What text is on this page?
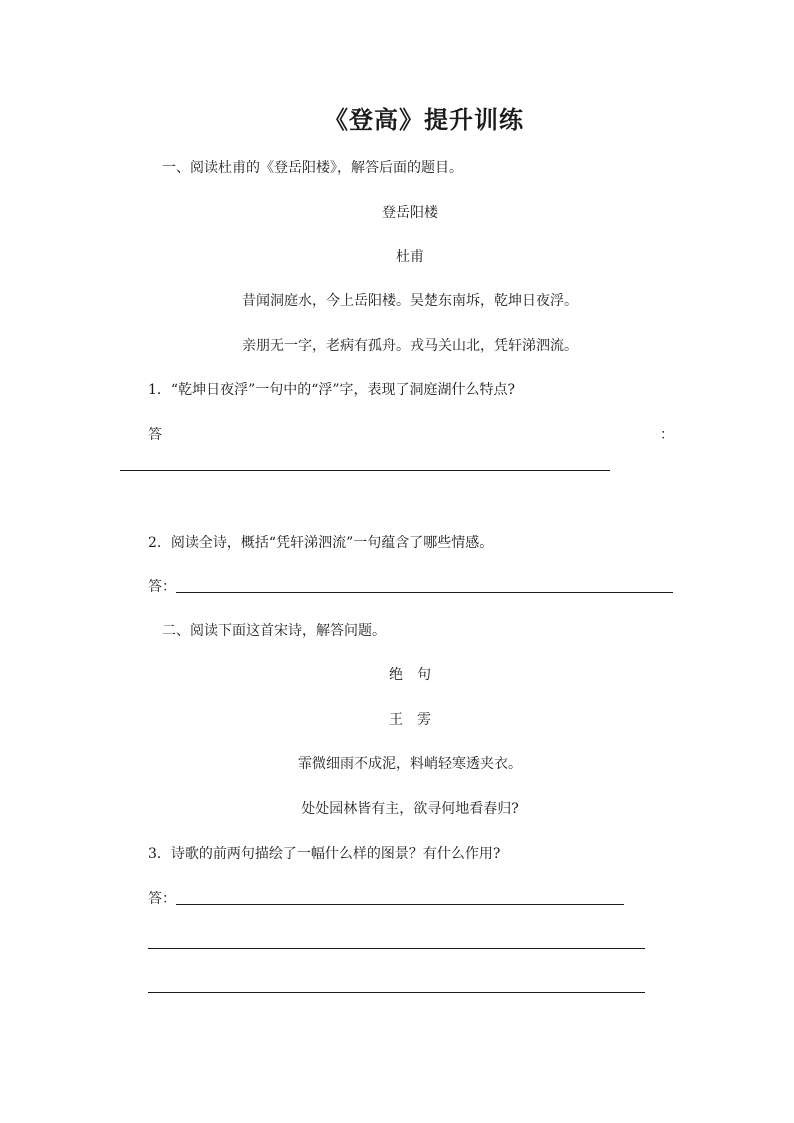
《登高》提升训练
一、阅读杜甫的《登岳阳楼》，解答后面的题目。
登岳阳楼
杜甫
昔闻洞庭水，今上岳阳楼。吴楚东南坼，乾坤日夜浮。
亲朋无一字，老病有孤舟。戎马关山北，凭轩涕泗流。
1．“乾坤日夜浮”一句中的“浮”字，表现了洞庭湖什么特点?
答	：
2．阅读全诗，概括“凭轩涕泗流”一句蕴含了哪些情感。
答：
二、阅读下面这首宋诗，解答问题。
绝　句
王　雱
霏微细雨不成泥，料峭轻寒透夹衣。
处处园林皆有主，欲寻何地看春归?
3．诗歌的前两句描绘了一幅什么样的图景？有什么作用?
答：
